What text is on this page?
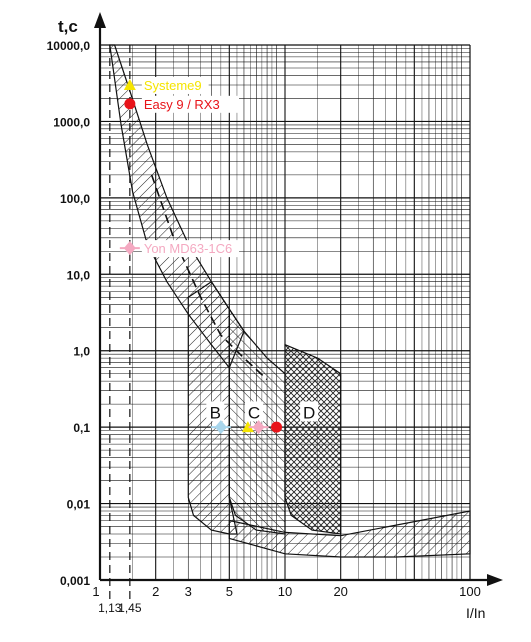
10000,0
1000,0
100,0
10,0
1,0
0,1
0,01
0,001
1
1,13
1,45
2 3	5	10	20	100
B C	D
Systeme9
Easy 9 / RX3
Yon MD63-1C6
t,c
I/In
